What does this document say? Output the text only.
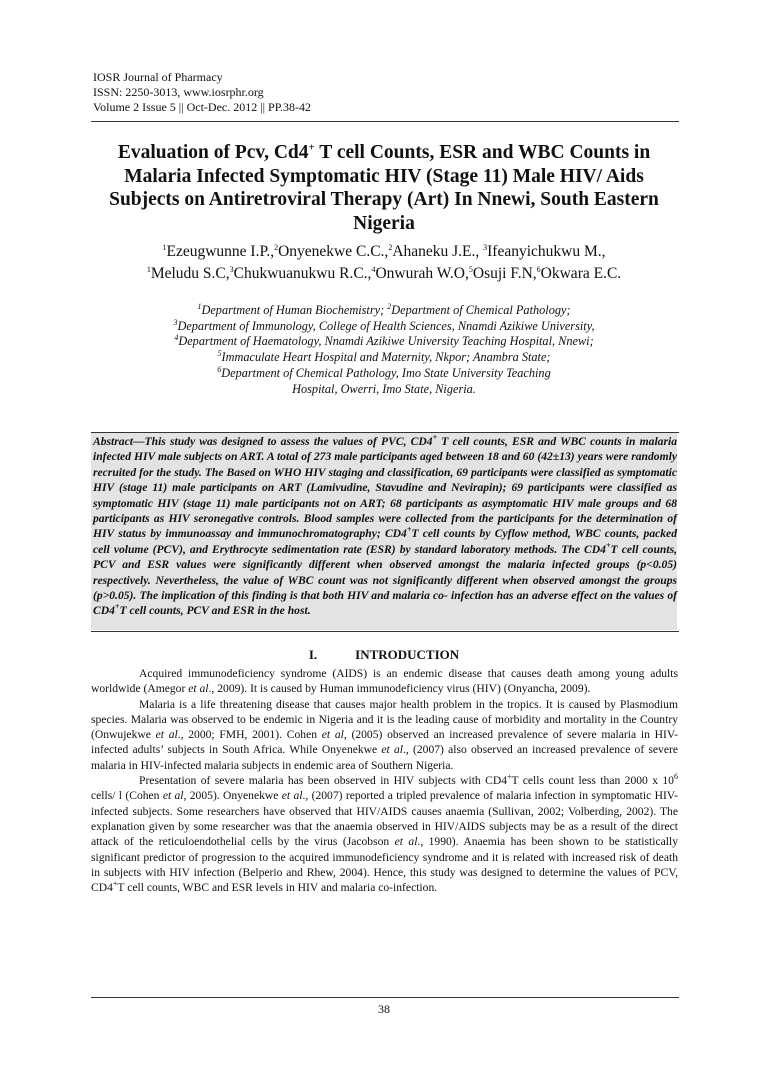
IOSR Journal of Pharmacy
ISSN: 2250-3013, www.iosrphr.org
Volume 2 Issue 5 || Oct-Dec. 2012 || PP.38-42
Evaluation of Pcv, Cd4+ T cell Counts, ESR and WBC Counts in Malaria Infected Symptomatic HIV (Stage 11) Male HIV/ Aids Subjects on Antiretroviral Therapy (Art) In Nnewi, South Eastern Nigeria
$^1$Ezeugwunne I.P.,$^2$Onyenekwe C.C.,$^2$Ahaneku J.E., $^3$Ifeanyichukwu M.,
$^1$Meludu S.C,$^3$Chukwuanukwu R.C.,$^4$Onwurah W.O,$^5$Osuji F.N,$^6$Okwara E.C.
$^1$Department of Human Biochemistry; $^2$Department of Chemical Pathology;
$^3$Department of Immunology, College of Health Sciences, Nnamdi Azikiwe University,
$^4$Department of Haematology, Nnamdi Azikiwe University Teaching Hospital, Nnewi;
$^5$Immaculate Heart Hospital and Maternity, Nkpor; Anambra State;
$^6$Department of Chemical Pathology, Imo State University Teaching
Hospital, Owerri, Imo State, Nigeria.
Abstract—This study was designed to assess the values of PVC, CD4+ T cell counts, ESR and WBC counts in malaria infected HIV male subjects on ART. A total of 273 male participants aged between 18 and 60 (42±13) years were randomly recruited for the study. The Based on WHO HIV staging and classification, 69 participants were classified as symptomatic HIV (stage 11) male participants on ART (Lamivudine, Stavudine and Nevirapin); 69 participants were classified as symptomatic HIV (stage 11) male participants not on ART; 68 participants as asymptomatic HIV male groups and 68 participants as HIV seronegative controls. Blood samples were collected from the participants for the determination of HIV status by immunoassay and immunochromatography; CD4+T cell counts by Cyflow method, WBC counts, packed cell volume (PCV), and Erythrocyte sedimentation rate (ESR) by standard laboratory methods. The CD4+T cell counts, PCV and ESR values were significantly different when observed amongst the malaria infected groups (p<0.05) respectively. Nevertheless, the value of WBC count was not significantly different when observed amongst the groups (p>0.05). The implication of this finding is that both HIV and malaria co- infection has an adverse effect on the values of CD4+T cell counts, PCV and ESR in the host.
I.	INTRODUCTION

Acquired immunodeficiency syndrome (AIDS) is an endemic disease that causes death among young adults worldwide (Amegor et al., 2009). It is caused by Human immunodeficiency virus (HIV) (Onyancha, 2009).

Malaria is a life threatening disease that causes major health problem in the tropics. It is caused by Plasmodium species. Malaria was observed to be endemic in Nigeria and it is the leading cause of morbidity and mortality in the Country (Onwujekwe et al., 2000; FMH, 2001). Cohen et al, (2005) observed an increased prevalence of severe malaria in HIV-infected adults’ subjects in South Africa. While Onyenekwe et al., (2007) also observed an increased prevalence of severe malaria in HIV-infected malaria subjects in endemic area of Southern Nigeria.

Presentation of severe malaria has been observed in HIV subjects with CD4+T cells count less than 2000 x $10^6$ cells/ l (Cohen et al, 2005). Onyenekwe et al., (2007) reported a tripled prevalence of malaria infection in symptomatic HIV-infected subjects. Some researchers have observed that HIV/AIDS causes anaemia (Sullivan, 2002; Volberding, 2002). The explanation given by some researcher was that the anaemia observed in HIV/AIDS subjects may be as a result of the direct attack of the reticuloendothelial cells by the virus (Jacobson et al., 1990). Anaemia has been shown to be statistically significant predictor of progression to the acquired immunodeficiency syndrome and it is related with increased risk of death in subjects with HIV infection (Belperio and Rhew, 2004). Hence, this study was designed to determine the values of PCV, CD4+T cell counts, WBC and ESR levels in HIV and malaria co-infection.

38
